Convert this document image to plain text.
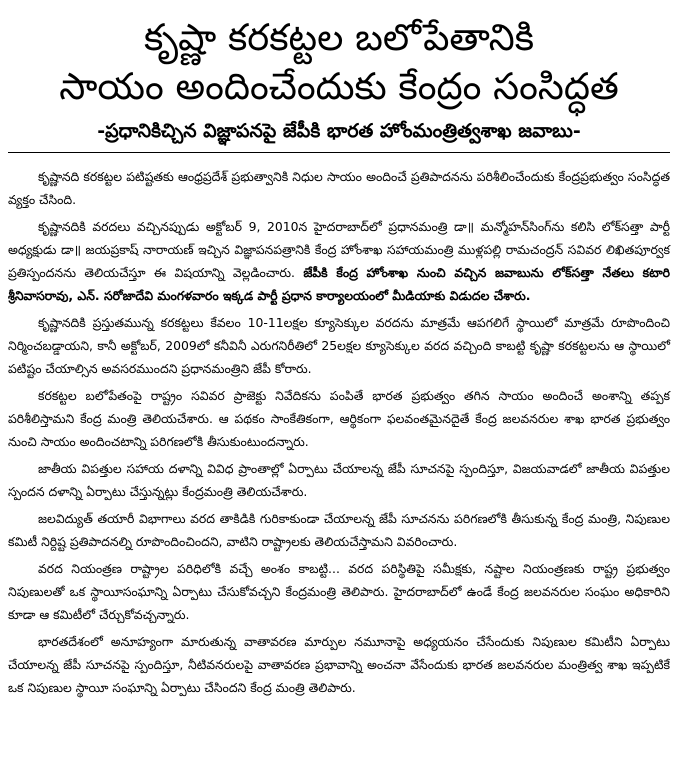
కృష్ణా కరకట్టల బలోపేతానికి
సాయం అందించేందుకు కేంద్రం సంసిద్ధత
-ప్రధానికిచ్చిన విజ్ఞాపనపై జేపీకి భారత హోంమంత్రిత్వశాఖ జవాబు-

కృష్ణానది కరకట్టల పటిష్టతకు ఆంధ్రప్రదేశ్ ప్రభుత్వానికి నిధుల సాయం అందించే ప్రతిపాదనను పరిశీలించేందుకు కేంద్రప్రభుత్వం సంసిద్ధత వ్యక్తం చేసింది.

కృష్ణానదికి వరదలు వచ్చినప్పుడు అక్టోబర్ 9, 2010న హైదరాబాద్‌లో ప్రధానమంత్రి డా॥ మన్మోహన్‌సింగ్‌ను కలిసి లోక్‌సత్తా పార్టీ అధ్యక్షుడు డా॥ జయప్రకాష్ నారాయణ్ ఇచ్చిన విజ్ఞాపనపత్రానికి కేంద్ర హోంశాఖ సహాయమంత్రి ముళ్లపల్లి రామచంద్రన్ సవివర లిఖితపూర్వక ప్రతిస్పందనను తెలియచేస్తూ ఈ విషయాన్ని వెల్లడించారు. జేపీకి కేంద్ర హోంశాఖ నుంచి వచ్చిన జవాబును లోక్‌సత్తా నేతలు కటారి శ్రీనివాసరావు, ఎన్. సరోజాదేవి మంగళవారం ఇక్కడ పార్టీ ప్రధాన కార్యాలయంలో మీడియాకు విడుదల చేశారు.

కృష్ణానదికి ప్రస్తుతమున్న కరకట్టలు కేవలం 10-11లక్షల క్యూసెక్కుల వరదను మాత్రమే ఆపగలిగే స్థాయిలో మాత్రమే రూపొందించి నిర్మించబడ్డాయని, కానీ అక్టోబర్, 2009లో కనీవినీ ఎరుగనిరీతిలో 25లక్షల క్యూసెక్కుల వరద వచ్చింది కాబట్టి కృష్ణా కరకట్టలను ఆ స్థాయిలో పటిష్టం చేయాల్సిన అవసరముందని ప్రధానమంత్రిని జేపీ కోరారు.

కరకట్టల బలోపేతంపై రాష్ట్రం సవివర ప్రాజెక్టు నివేదికను పంపితే భారత ప్రభుత్వం తగిన సాయం అందించే అంశాన్ని తప్పక పరిశీలిస్తామని కేంద్ర మంత్రి తెలియచేశారు. ఆ పథకం సాంకేతికంగా, ఆర్థికంగా ఫలవంతమైనదైతే కేంద్ర జలవనరుల శాఖ భారత ప్రభుత్వం నుంచి సాయం అందించటాన్ని పరిగణలోకి తీసుకుంటుందన్నారు.

జాతీయ విపత్తుల సహాయ దళాన్ని వివిధ ప్రాంతాల్లో ఏర్పాటు చేయాలన్న జేపీ సూచనపై స్పందిస్తూ, విజయవాడలో జాతీయ విపత్తుల స్పందన దళాన్ని ఏర్పాటు చేస్తున్నట్లు కేంద్రమంత్రి తెలియచేశారు.

జలవిద్యుత్ తయారీ విభాగాలు వరద తాకిడికి గురికాకుండా చేయాలన్న జేపీ సూచనను పరిగణలోకి తీసుకున్న కేంద్ర మంత్రి, నిపుణుల కమిటీ నిర్దిష్ట ప్రతిపాదనల్ని రూపొందించిందని, వాటిని రాష్ట్రాలకు తెలియచేస్తామని వివరించారు.

వరద నియంత్రణ రాష్ట్రాల పరిధిలోకి వచ్చే అంశం కాబట్టి... వరద పరిస్థితిపై సమీక్షకు, నష్టాల నియంత్రణకు రాష్ట్ర ప్రభుత్వం నిపుణులతో ఒక స్థాయీసంఘాన్ని ఏర్పాటు చేసుకోవచ్చని కేంద్రమంత్రి తెలిపారు. హైదరాబాద్‌లో ఉండే కేంద్ర జలవనరుల సంఘం అధికారిని కూడా ఆ కమిటీలో చేర్చుకోవచ్చన్నారు.

భారతదేశంలో అనూహ్యంగా మారుతున్న వాతావరణ మార్పుల నమూనాపై అధ్యయనం చేసేందుకు నిపుణుల కమిటీని ఏర్పాటు చేయాలన్న జేపీ సూచనపై స్పందిస్తూ, నీటివనరులపై వాతావరణ ప్రభావాన్ని అంచనా వేసేందుకు భారత జలవనరుల మంత్రిత్వ శాఖ ఇప్పటికే ఒక నిపుణుల స్థాయీ సంఘాన్ని ఏర్పాటు చేసిందని కేంద్ర మంత్రి తెలిపారు.
